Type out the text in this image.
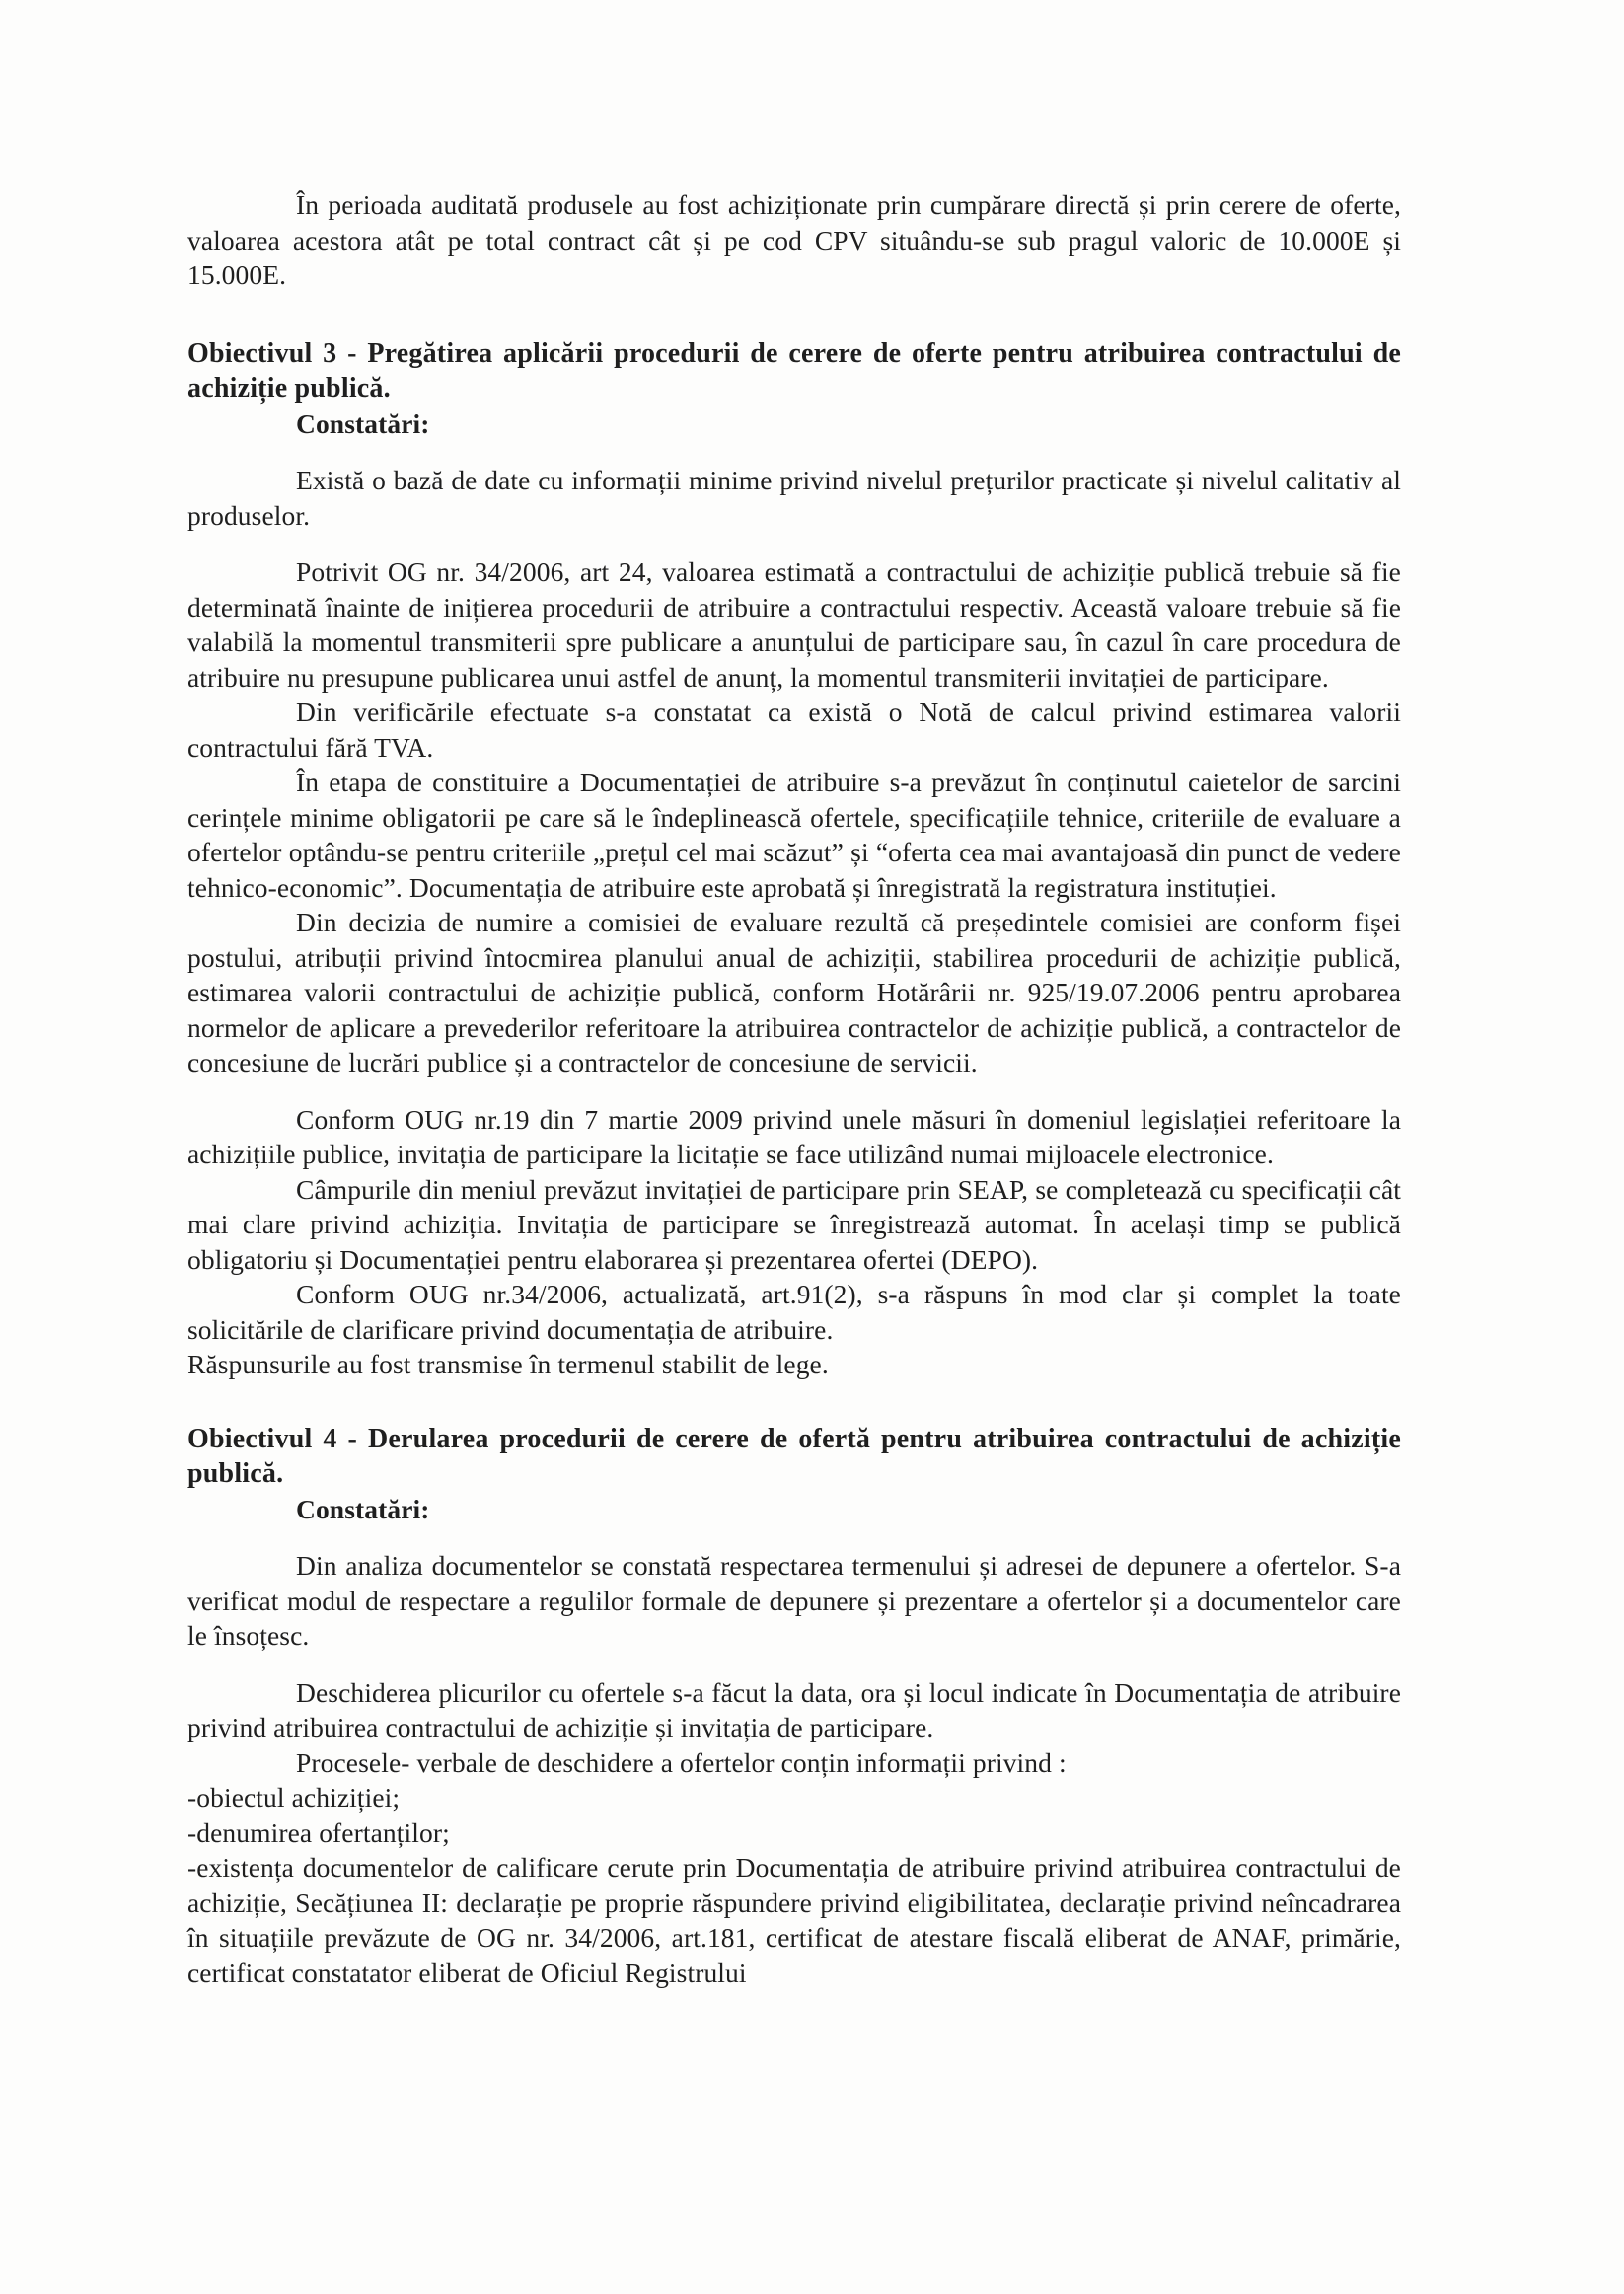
În perioada auditată produsele au fost achiziționate prin cumpărare directă și prin cerere de oferte, valoarea acestora atât pe total contract cât și pe cod CPV situându-se sub pragul valoric de 10.000E și 15.000E.

Obiectivul 3 - Pregătirea aplicării procedurii de cerere de oferte pentru atribuirea contractului de achiziție publică.

Constatări:

Există o bază de date cu informații minime privind nivelul prețurilor practicate și nivelul calitativ al produselor.

Potrivit OG nr. 34/2006, art 24, valoarea estimată a contractului de achiziție publică trebuie să fie determinată înainte de inițierea procedurii de atribuire a contractului respectiv. Această valoare trebuie să fie valabilă la momentul transmiterii spre publicare a anunțului de participare sau, în cazul în care procedura de atribuire nu presupune publicarea unui astfel de anunț, la momentul transmiterii invitației de participare.

Din verificările efectuate s-a constatat ca există o Notă de calcul privind estimarea valorii contractului fără TVA.

În etapa de constituire a Documentației de atribuire s-a prevăzut în conținutul caietelor de sarcini cerințele minime obligatorii pe care să le îndeplinească ofertele, specificațiile tehnice, criteriile de evaluare a ofertelor optându-se pentru criteriile „prețul cel mai scăzut” și “oferta cea mai avantajoasă din punct de vedere tehnico-economic”. Documentația de atribuire este aprobată și înregistrată la registratura instituției.

Din decizia de numire a comisiei de evaluare rezultă că președintele comisiei are conform fișei postului, atribuții privind întocmirea planului anual de achiziții, stabilirea procedurii de achiziție publică, estimarea valorii contractului de achiziție publică, conform Hotărârii nr. 925/19.07.2006 pentru aprobarea normelor de aplicare a prevederilor referitoare la atribuirea contractelor de achiziție publică, a contractelor de concesiune de lucrări publice și a contractelor de concesiune de servicii.

Conform OUG nr.19 din 7 martie 2009 privind unele măsuri în domeniul legislației referitoare la achizițiile publice, invitația de participare la licitație se face utilizând numai mijloacele electronice.

Câmpurile din meniul prevăzut invitației de participare prin SEAP, se completează cu specificații cât mai clare privind achiziția. Invitația de participare se înregistrează automat. În același timp se publică obligatoriu și Documentației pentru elaborarea și prezentarea ofertei (DEPO).

Conform OUG nr.34/2006, actualizată, art.91(2), s-a răspuns în mod clar și complet la toate solicitările de clarificare privind documentația de atribuire.

Răspunsurile au fost transmise în termenul stabilit de lege.

Obiectivul 4 - Derularea procedurii de cerere de ofertă pentru atribuirea contractului de achiziție publică.

Constatări:

Din analiza documentelor se constată respectarea termenului și adresei de depunere a ofertelor. S-a verificat modul de respectare a regulilor formale de depunere și prezentare a ofertelor și a documentelor care le însoțesc.

Deschiderea plicurilor cu ofertele s-a făcut la data, ora și locul indicate în Documentația de atribuire privind atribuirea contractului de achiziție și invitația de participare.

Procesele- verbale de deschidere a ofertelor conțin informații privind :

-obiectul achiziției;

-denumirea ofertanților;

-existența documentelor de calificare cerute prin Documentația de atribuire privind atribuirea contractului de achiziție, Secățiunea II: declarație pe proprie răspundere privind eligibilitatea, declarație privind neîncadrarea în situațiile prevăzute de OG nr. 34/2006, art.181, certificat de atestare fiscală eliberat de ANAF, primărie, certificat constatator eliberat de Oficiul Registrului
